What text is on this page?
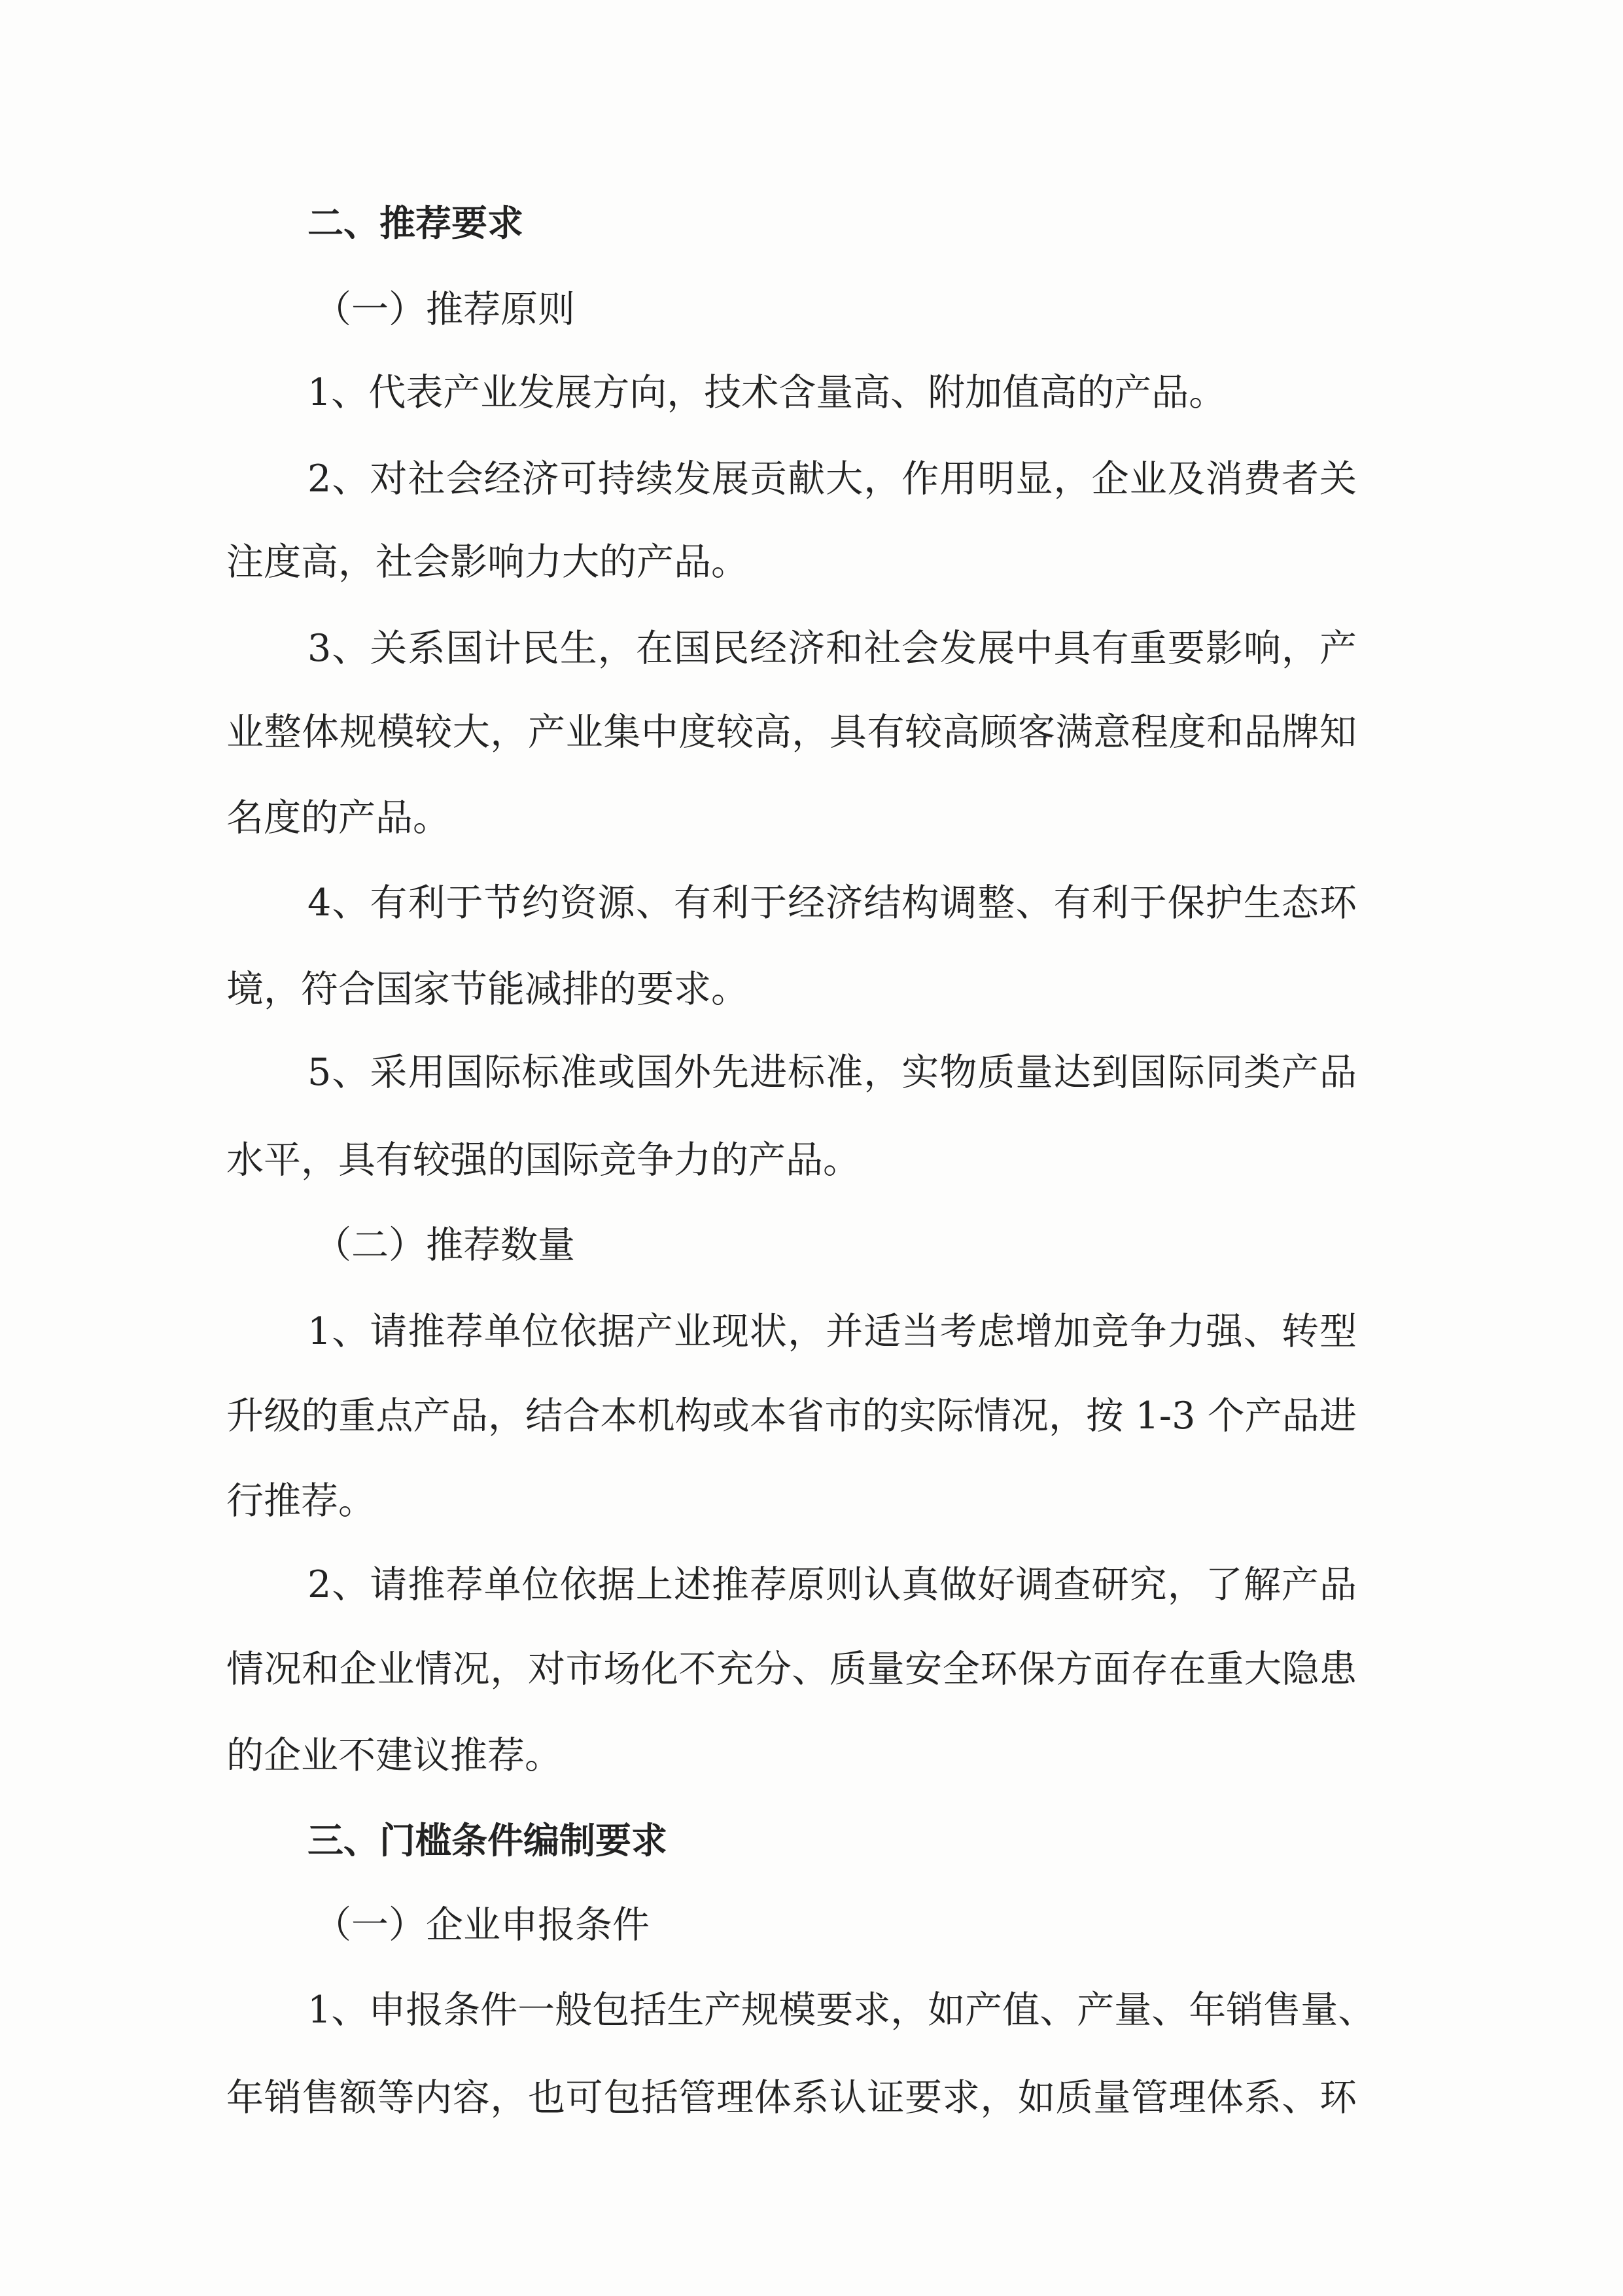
二、推荐要求
（一）推荐原则
1、代表产业发展方向，技术含量高、附加值高的产品。
2、对社会经济可持续发展贡献大，作用明显，企业及消费者关
注度高，社会影响力大的产品。
3、关系国计民生，在国民经济和社会发展中具有重要影响，产
业整体规模较大，产业集中度较高，具有较高顾客满意程度和品牌知
名度的产品。
4、有利于节约资源、有利于经济结构调整、有利于保护生态环
境，符合国家节能减排的要求。
5、采用国际标准或国外先进标准，实物质量达到国际同类产品
水平，具有较强的国际竞争力的产品。
（二）推荐数量
1、请推荐单位依据产业现状，并适当考虑增加竞争力强、转型
升级的重点产品，结合本机构或本省市的实际情况，按 1-3 个产品进
行推荐。
2、请推荐单位依据上述推荐原则认真做好调查研究，了解产品
情况和企业情况，对市场化不充分、质量安全环保方面存在重大隐患
的企业不建议推荐。
三、门槛条件编制要求
（一）企业申报条件
1、申报条件一般包括生产规模要求，如产值、产量、年销售量、
年销售额等内容，也可包括管理体系认证要求，如质量管理体系、环
